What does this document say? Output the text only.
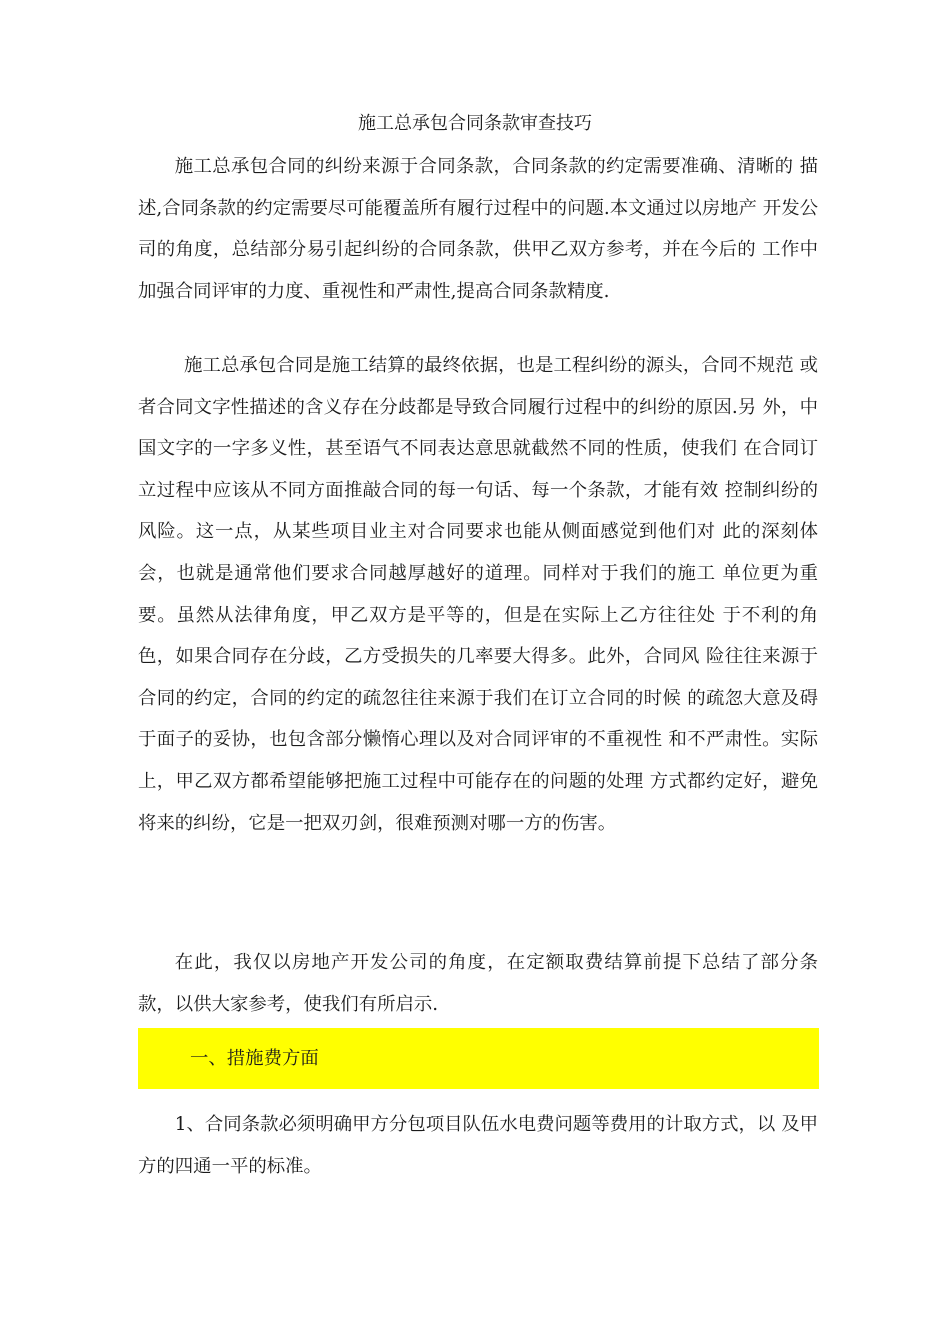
施工总承包合同条款审查技巧

施工总承包合同的纠纷来源于合同条款，合同条款的约定需要准确、清晰的 描述,合同条款的约定需要尽可能覆盖所有履行过程中的问题.本文通过以房地产 开发公司的角度，总结部分易引起纠纷的合同条款，供甲乙双方参考，并在今后的 工作中加强合同评审的力度、重视性和严肃性,提高合同条款精度.

施工总承包合同是施工结算的最终依据，也是工程纠纷的源头，合同不规范 或者合同文字性描述的含义存在分歧都是导致合同履行过程中的纠纷的原因.另 外，中国文字的一字多义性，甚至语气不同表达意思就截然不同的性质，使我们 在合同订立过程中应该从不同方面推敲合同的每一句话、每一个条款，才能有效 控制纠纷的风险。这一点，从某些项目业主对合同要求也能从侧面感觉到他们对 此的深刻体会，也就是通常他们要求合同越厚越好的道理。同样对于我们的施工 单位更为重要。虽然从法律角度，甲乙双方是平等的，但是在实际上乙方往往处 于不利的角色，如果合同存在分歧，乙方受损失的几率要大得多。此外，合同风 险往往来源于合同的约定，合同的约定的疏忽往往来源于我们在订立合同的时候 的疏忽大意及碍于面子的妥协，也包含部分懒惰心理以及对合同评审的不重视性 和不严肃性。实际上，甲乙双方都希望能够把施工过程中可能存在的问题的处理 方式都约定好，避免将来的纠纷，它是一把双刃剑，很难预测对哪一方的伤害。

在此，我仅以房地产开发公司的角度，在定额取费结算前提下总结了部分条款，以供大家参考，使我们有所启示.

一、措施费方面

1、合同条款必须明确甲方分包项目队伍水电费问题等费用的计取方式，以 及甲方的四通一平的标准。
